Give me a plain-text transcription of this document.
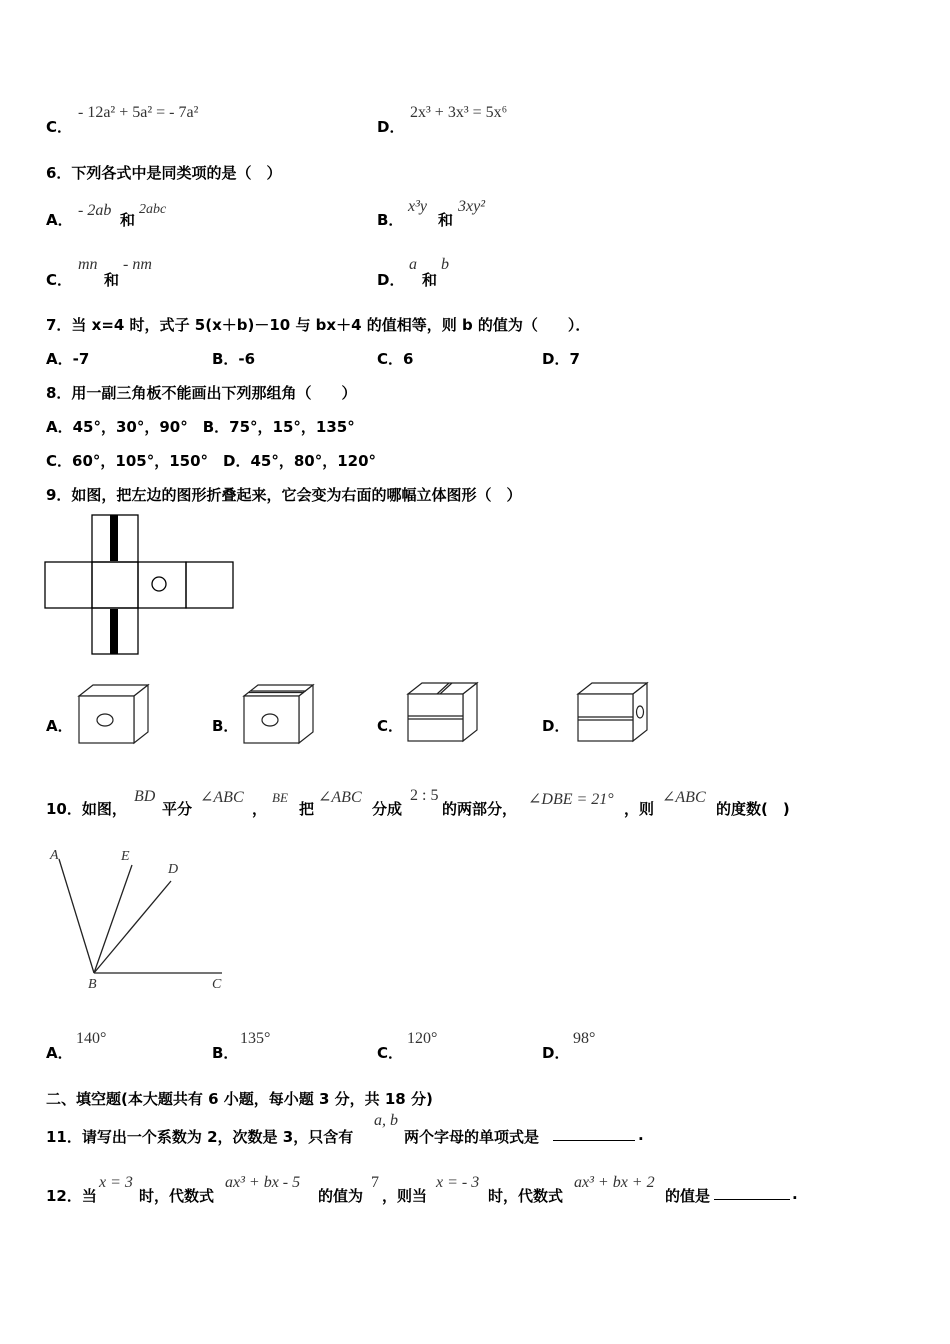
C．
- 12a² + 5a² = - 7a²
D．
2x³ + 3x³ = 5x⁶
6．下列各式中是同类项的是（　）
A．
- 2ab
和
2abc
B．
x³y
和
3xy²
C．
mn
和
- nm
D．
a
和
b
7．当 x=4 时，式子 5(x＋b)－10 与 bx＋4 的值相等，则 b 的值为（　　）．
A．-7	B．-6	C．6	D．7
8．用一副三角板不能画出下列那组角（　　）
A．45°，30°，90°　B．75°，15°，135°
C．60°，105°，150°　D．45°，80°，120°
9．如图，把左边的图形折叠起来，它会变为右面的哪幅立体图形（　）
A．	B．	C．	D．
10．如图，
BD
平分
∠ABC
，
BE
把
∠ABC
分成
2 : 5
的两部分，
∠DBE = 21°
，则
∠ABC
的度数(　)
A	E
D
B	C
A．
140°
B．
135°
C．
120°
D．
98°
二、填空题(本大题共有 6 小题，每小题 3 分，共 18 分)
11．请写出一个系数为 2，次数是 3，只含有
a, b
两个字母的单项式是	.
12．当
x = 3
时，代数式
ax³ + bx - 5
的值为
7
，则当
x = - 3
时，代数式
ax³ + bx + 2
的值是	.
